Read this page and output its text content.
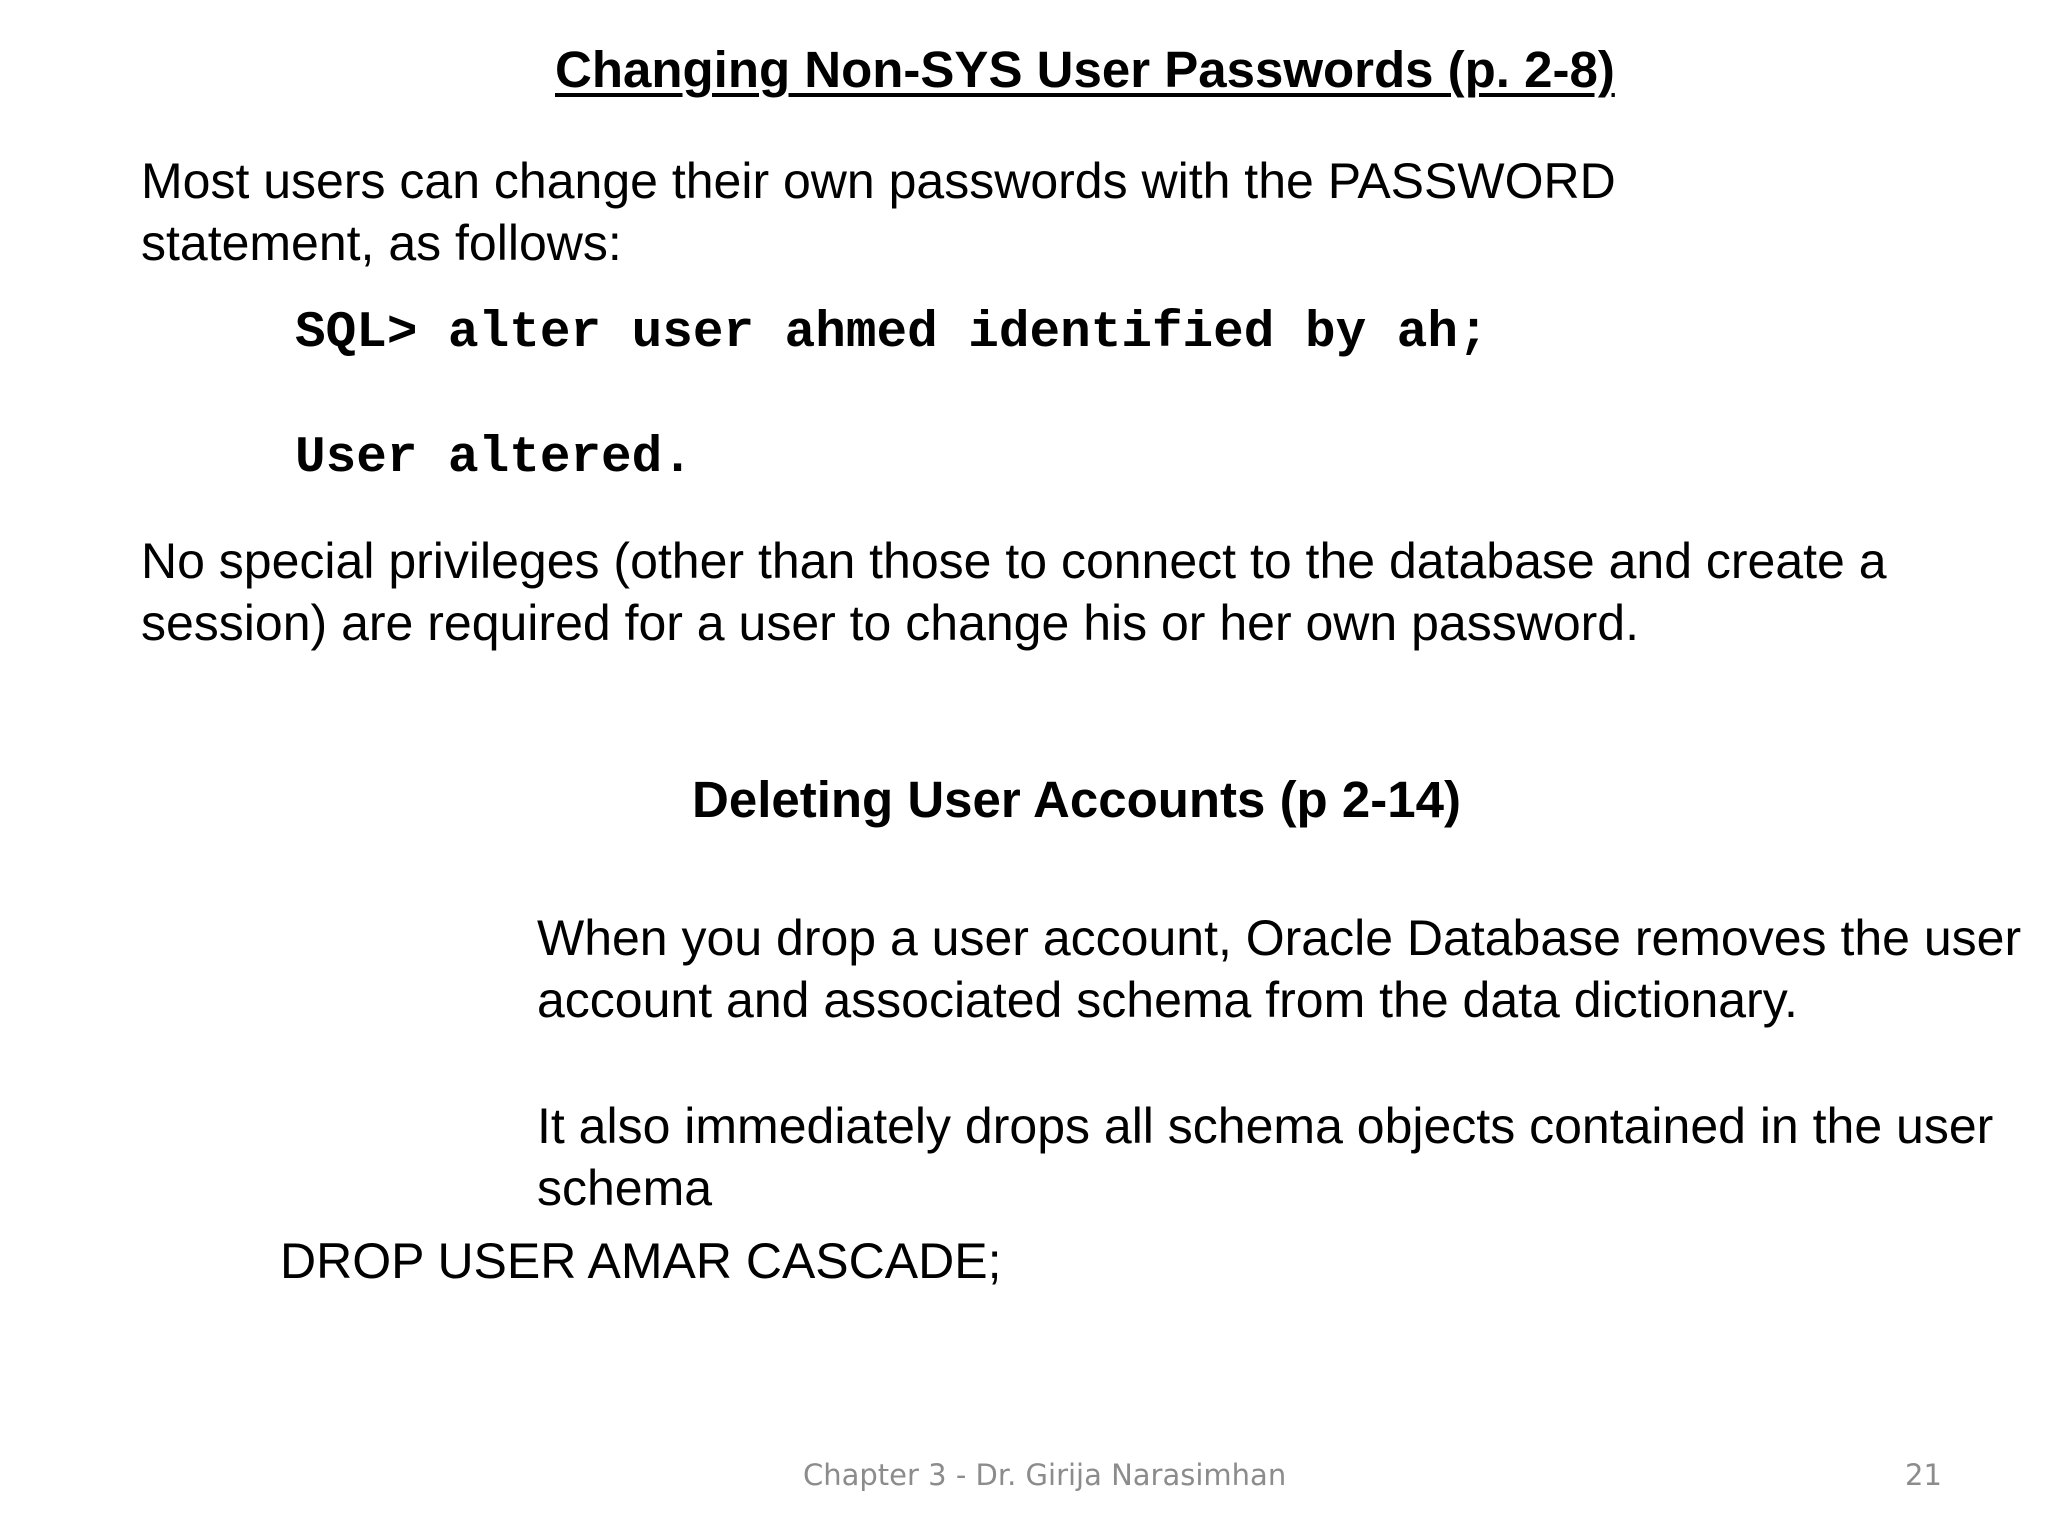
Changing Non-SYS User Passwords (p. 2-8)
Most users can change their own passwords with the PASSWORD statement, as follows:
SQL> alter user ahmed identified by ah;
User altered.
No special privileges (other than those to connect to the database and create a session) are required for a user to change his or her own password.
Deleting User Accounts (p 2-14)
When you drop a user account, Oracle Database removes the user account and associated schema from the data dictionary.
It also immediately drops all schema objects contained in the user schema
DROP USER AMAR CASCADE;
Chapter 3 - Dr. Girija Narasimhan	21
